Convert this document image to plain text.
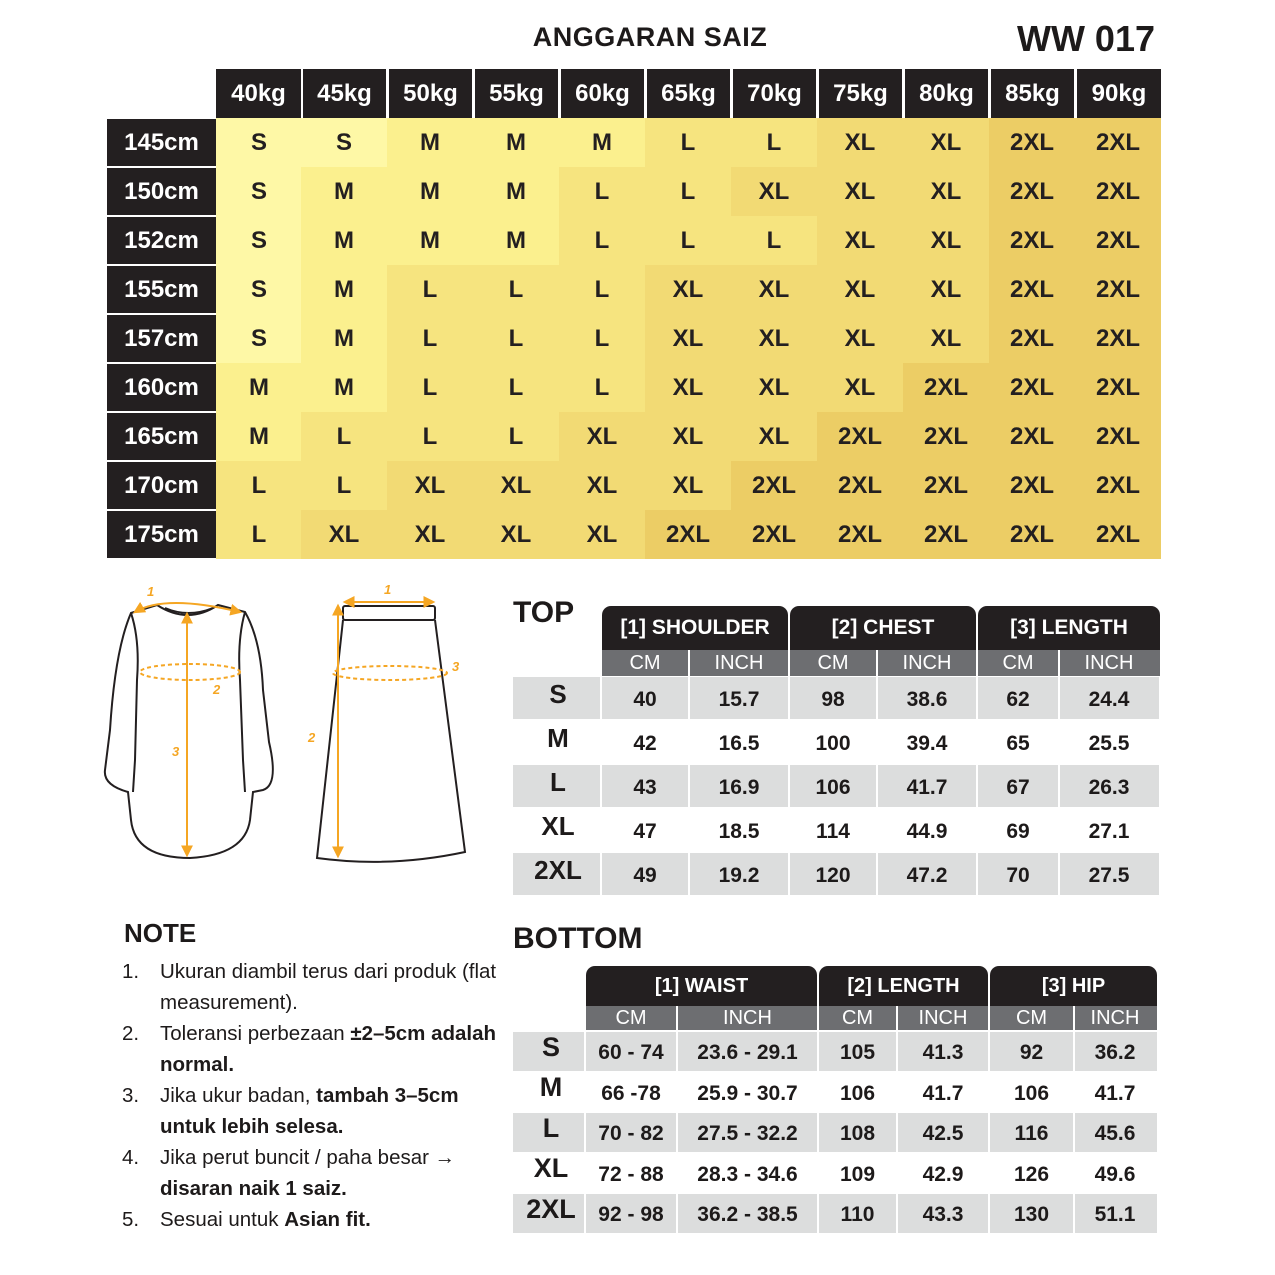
ANGGARAN SAIZ	WW 017
40kg	45kg	50kg	55kg	60kg	65kg	70kg	75kg	80kg	85kg	90kg
145cm	S	S	M	M	M	L	L	XL	XL	2XL	2XL
150cm	S	M	M	M	L	L	XL	XL	XL	2XL	2XL
152cm	S	M	M	M	L	L	L	XL	XL	2XL	2XL
155cm	S	M	L	L	L	XL	XL	XL	XL	2XL	2XL
157cm	S	M	L	L	L	XL	XL	XL	XL	2XL	2XL
160cm	M	M	L	L	L	XL	XL	XL	2XL	2XL	2XL
165cm	M	L	L	L	XL	XL	XL	2XL	2XL	2XL	2XL
170cm	L	L	XL	XL	XL	XL	2XL	2XL	2XL	2XL	2XL
175cm	L	XL	XL	XL	XL	2XL	2XL	2XL	2XL	2XL	2XL
1
2
3
1
2
3
TOP	[1] SHOULDER	[2] CHEST	[3] LENGTH
CM	INCH	CM	INCH	CM	INCH
S	40	15.7	98	38.6	62	24.4
M	42	16.5	100	39.4	65	25.5
L	43	16.9	106	41.7	67	26.3
XL	47	18.5	114	44.9	69	27.1
2XL	49	19.2	120	47.2	70	27.5
BOTTOM
[1] WAIST	[2] LENGTH	[3] HIP
CM	INCH	CM	INCH	CM	INCH
S	60 - 74	23.6 - 29.1	105	41.3	92	36.2
M	66 -78	25.9 - 30.7	106	41.7	106	41.7
L	70 - 82	27.5 - 32.2	108	42.5	116	45.6
XL	72 - 88	28.3 - 34.6	109	42.9	126	49.6
2XL	92 - 98	36.2 - 38.5	110	43.3	130	51.1
NOTE
1. Ukuran diambil terus dari produk (flat measurement).
2. Toleransi perbezaan ±2–5cm adalah normal.
3. Jika ukur badan, tambah 3–5cm untuk lebih selesa.
4. Jika perut buncit / paha besar → disaran naik 1 saiz.
5. Sesuai untuk Asian fit.
